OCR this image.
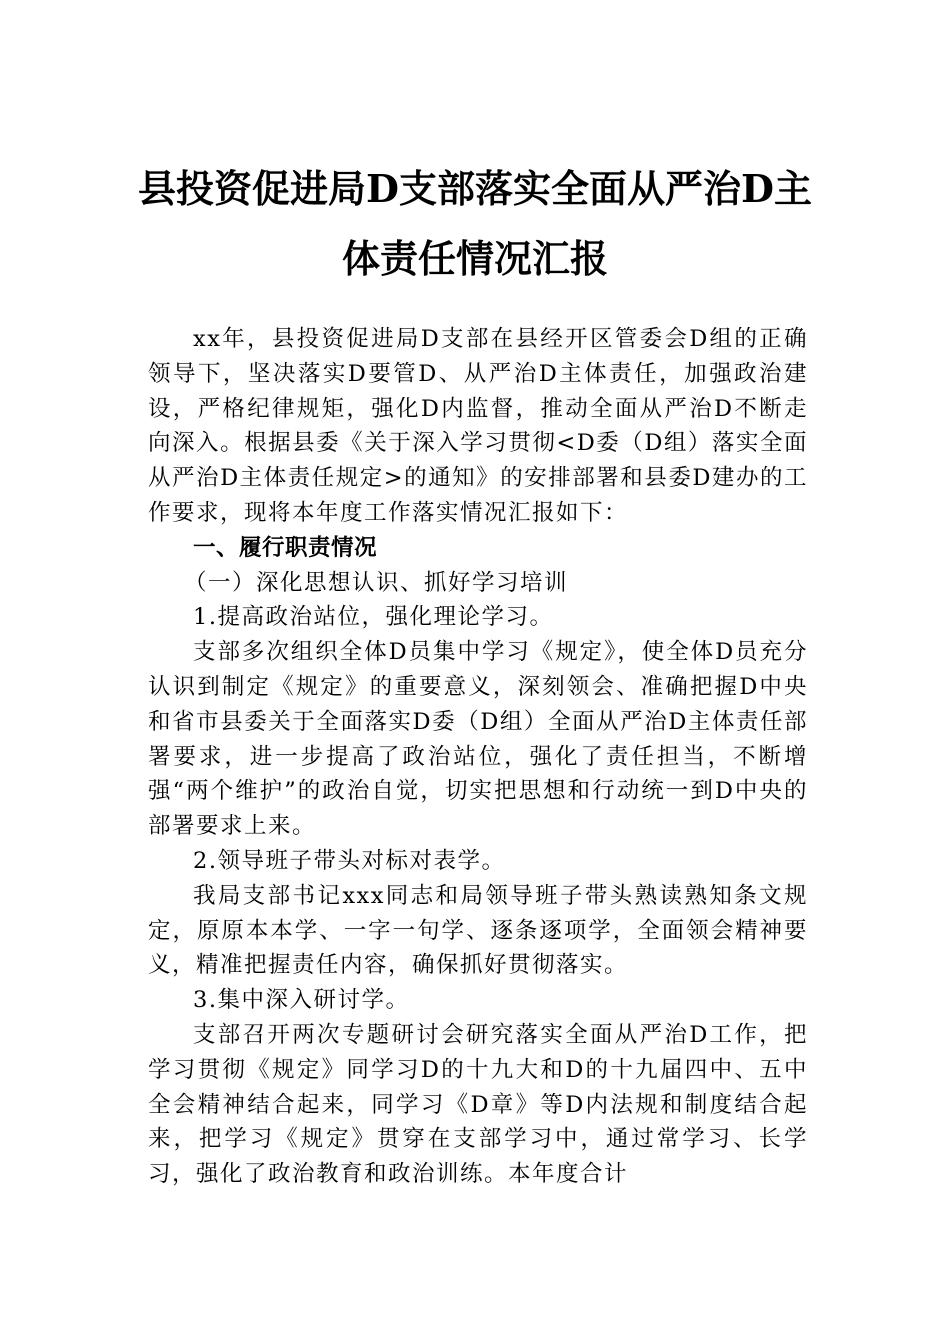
县投资促进局D支部落实全面从严治D主
体责任情况汇报

xx年，县投资促进局D支部在县经开区管委会D组的正确领导下，坚决落实D要管D、从严治D主体责任，加强政治建设，严格纪律规矩，强化D内监督，推动全面从严治D不断走向深入。根据县委《关于深入学习贯彻<D委（D组）落实全面从严治D主体责任规定>的通知》的安排部署和县委D建办的工作要求，现将本年度工作落实情况汇报如下：

一、履行职责情况

（一）深化思想认识、抓好学习培训

1.提高政治站位，强化理论学习。

支部多次组织全体D员集中学习《规定》，使全体D员充分认识到制定《规定》的重要意义，深刻领会、准确把握D中央和省市县委关于全面落实D委（D组）全面从严治D主体责任部署要求，进一步提高了政治站位，强化了责任担当，不断增强“两个维护”的政治自觉，切实把思想和行动统一到D中央的部署要求上来。

2.领导班子带头对标对表学。

我局支部书记xxx同志和局领导班子带头熟读熟知条文规定，原原本本学、一字一句学、逐条逐项学，全面领会精神要义，精准把握责任内容，确保抓好贯彻落实。

3.集中深入研讨学。

支部召开两次专题研讨会研究落实全面从严治D工作，把学习贯彻《规定》同学习D的十九大和D的十九届四中、五中全会精神结合起来，同学习《D章》等D内法规和制度结合起来，把学习《规定》贯穿在支部学习中，通过常学习、长学习，强化了政治教育和政治训练。本年度合计
